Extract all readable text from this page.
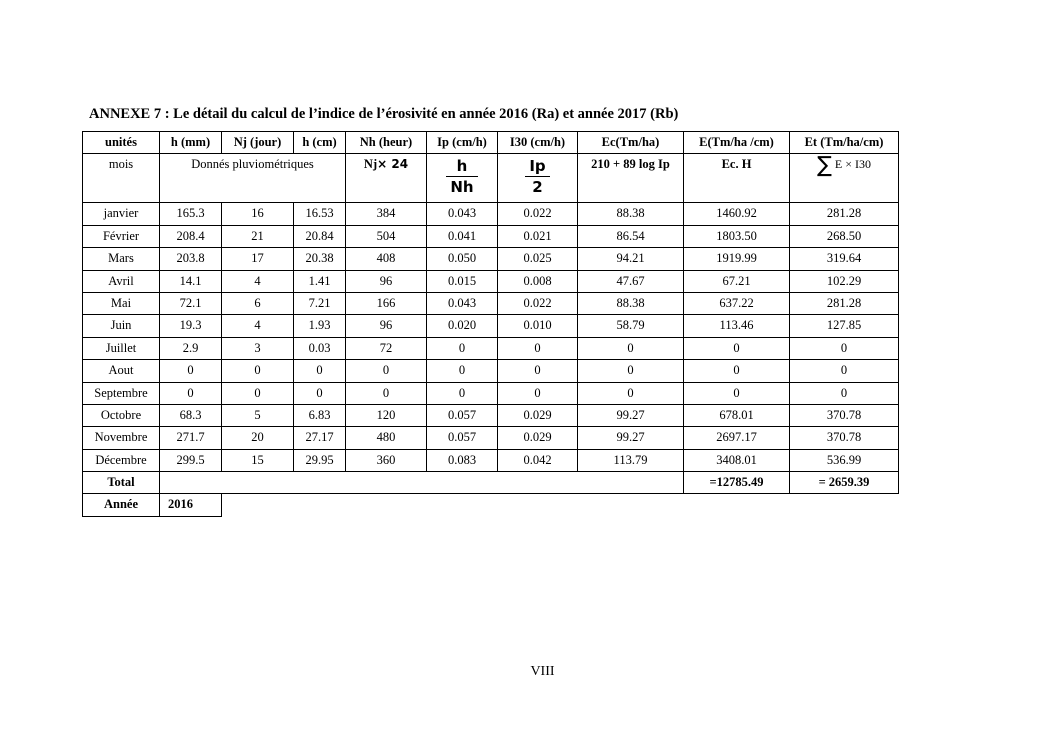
ANNEXE 7 : Le détail du calcul de l’indice de l’érosivité en année 2016 (Ra) et année 2017 (Rb)
unités	h (mm)	Nj (jour)	h (cm)	Nh (heur)	Ip (cm/h)	I30 (cm/h)	Ec(Tm/ha)	E(Tm/ha /cm)	Et (Tm/ha/cm)
mois	Donnés pluviométriques			Nj× 24	$\frac{h}{Nh}$	$\frac{Ip}{2}$	210 + 89 log Ip	Ec. H	∑ E × I30
janvier	165.3	16	16.53	384	0.043	0.022	88.38	1460.92	281.28
Février	208.4	21	20.84	504	0.041	0.021	86.54	1803.50	268.50
Mars	203.8	17	20.38	408	0.050	0.025	94.21	1919.99	319.64
Avril	14.1	4	1.41	96	0.015	0.008	47.67	67.21	102.29
Mai	72.1	6	7.21	166	0.043	0.022	88.38	637.22	281.28
Juin	19.3	4	1.93	96	0.020	0.010	58.79	113.46	127.85
Juillet	2.9	3	0.03	72	0	0	0	0	0
Aout	0	0	0	0	0	0	0	0	0
Septembre	0	0	0	0	0	0	0	0	0
Octobre	68.3	5	6.83	120	0.057	0.029	99.27	678.01	370.78
Novembre	271.7	20	27.17	480	0.057	0.029	99.27	2697.17	370.78
Décembre	299.5	15	29.95	360	0.083	0.042	113.79	3408.01	536.99
Total								=12785.49	= 2659.39
Année	2016								
VIII
